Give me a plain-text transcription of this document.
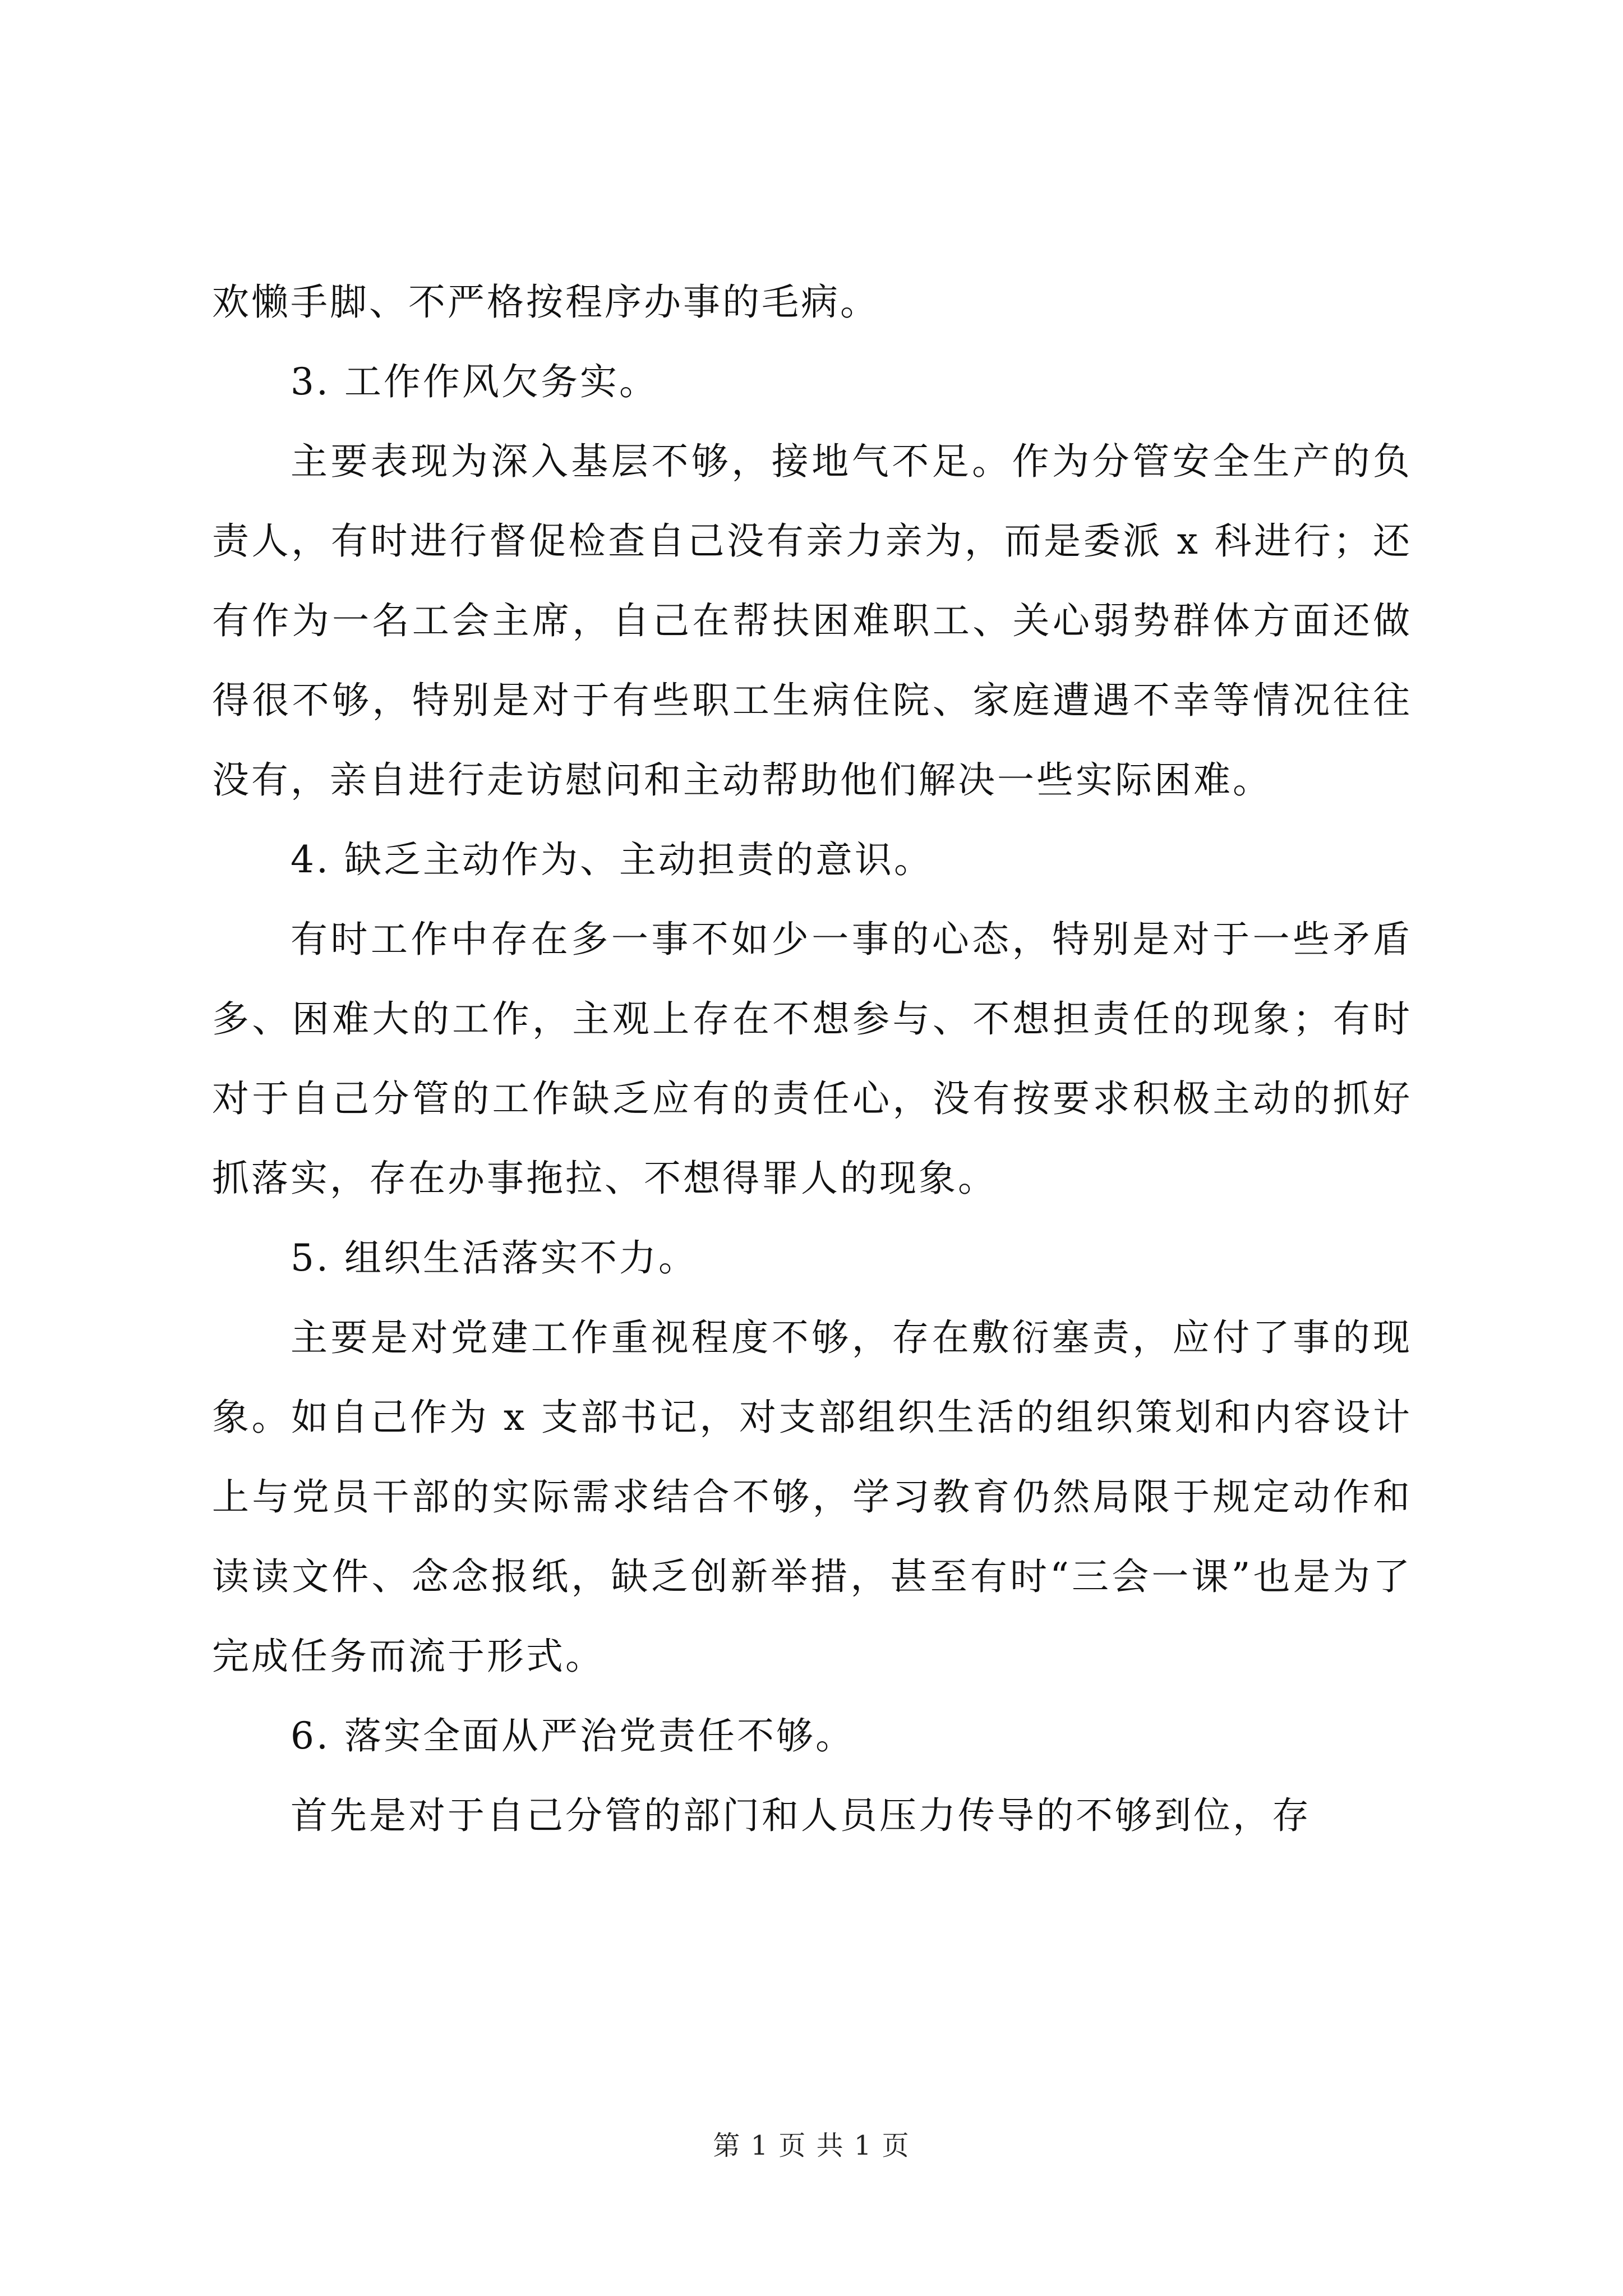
欢懒手脚、不严格按程序办事的毛病。

3. 工作作风欠务实。

主要表现为深入基层不够，接地气不足。作为分管安全生产的负责人，有时进行督促检查自己没有亲力亲为，而是委派 x 科进行；还有作为一名工会主席，自己在帮扶困难职工、关心弱势群体方面还做得很不够，特别是对于有些职工生病住院、家庭遭遇不幸等情况往往没有，亲自进行走访慰问和主动帮助他们解决一些实际困难。

4. 缺乏主动作为、主动担责的意识。

有时工作中存在多一事不如少一事的心态，特别是对于一些矛盾多、困难大的工作，主观上存在不想参与、不想担责任的现象；有时对于自己分管的工作缺乏应有的责任心，没有按要求积极主动的抓好抓落实，存在办事拖拉、不想得罪人的现象。

5. 组织生活落实不力。

主要是对党建工作重视程度不够，存在敷衍塞责，应付了事的现象。如自己作为 x 支部书记，对支部组织生活的组织策划和内容设计上与党员干部的实际需求结合不够，学习教育仍然局限于规定动作和读读文件、念念报纸，缺乏创新举措，甚至有时“三会一课”也是为了完成任务而流于形式。

6. 落实全面从严治党责任不够。

首先是对于自己分管的部门和人员压力传导的不够到位，存

第 1 页 共 1 页
